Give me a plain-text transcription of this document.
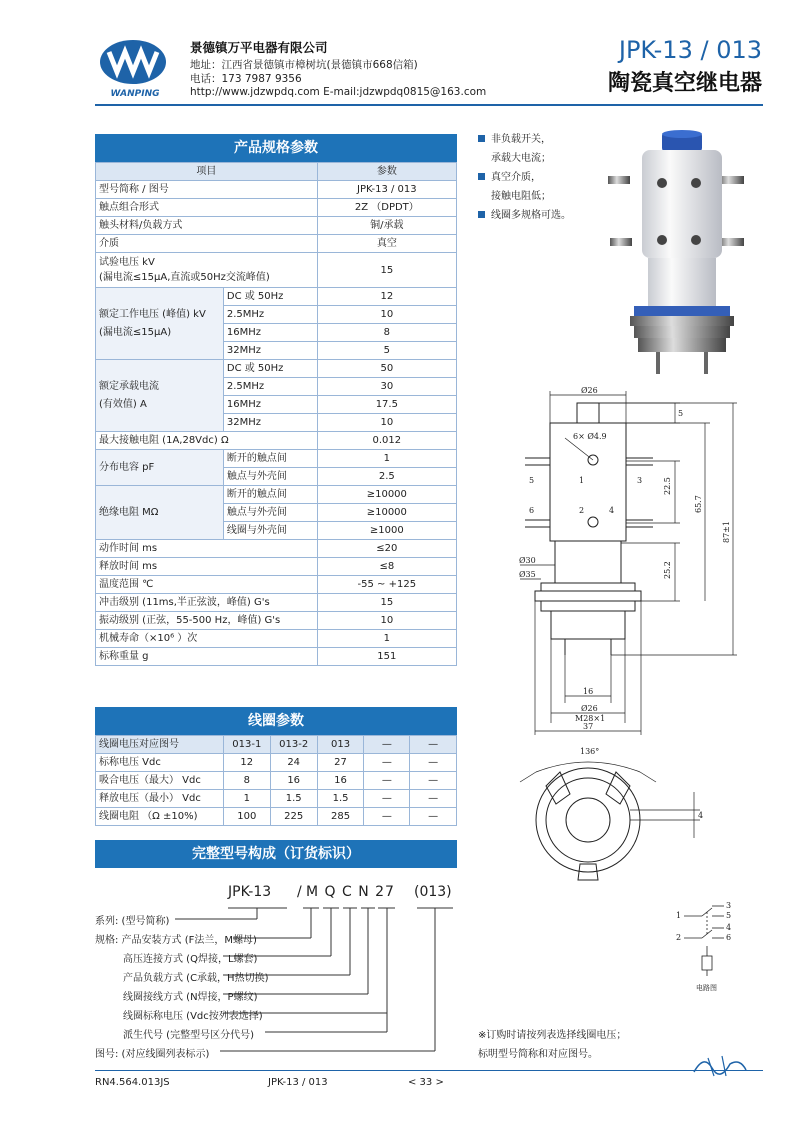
WANPING
景德镇万平电器有限公司
地址：江西省景德镇市樟树坑(景德镇市668信箱)
电话：173 7987 9356
http://www.jdzwpdq.com E-mail:jdzwpdq0815@163.com
JPK-13 / 013
陶瓷真空继电器
产品规格参数
项目		参数
型号简称 / 图号		JPK-13 / 013
触点组合形式		2Z （DPDT）
触头材料/负载方式		铜/承载
介质		真空
试验电压 kV
(漏电流≤15μA,直流或50Hz交流峰值)		15
额定工作电压 (峰值) kV
(漏电流≤15μA)	DC 或 50Hz	12
	2.5MHz	10
	16MHz	8
	32MHz	5
额定承载电流
(有效值) A	DC 或 50Hz	50
	2.5MHz	30
	16MHz	17.5
	32MHz	10
最大接触电阻 (1A,28Vdc) Ω		0.012
分布电容 pF	断开的触点间	1
	触点与外壳间	2.5
绝缘电阻 MΩ	断开的触点间	≥10000
	触点与外壳间	≥10000
	线圈与外壳间	≥1000
动作时间 ms		≤20
释放时间 ms		≤8
温度范围 ℃		-55 ~ +125
冲击级别 (11ms,半正弦波，峰值) G's		15
振动级别 (正弦，55-500 Hz，峰值) G's		10
机械寿命（×10⁶ ）次		1
标称重量 g		151
线圈参数
线圈电压对应图号	013-1	013-2	013	—	—
标称电压 Vdc	12	24	27	—	—
吸合电压（最大） Vdc	8	16	16	—	—
释放电压（最小） Vdc	1	1.5	1.5	—	—
线圈电阻 （Ω ±10%)	100	225	285	—	—
完整型号构成（订货标识）
JPK-13 / M Q C N 27 (013)
系列: (型号简称)
规格: 产品安装方式 (F法兰，M螺母)
高压连接方式 (Q焊接，L螺套)
产品负载方式 (C承载，H热切换)
线圈接线方式 (N焊接，P螺纹)
线圈标称电压 (Vdc按列表选择)
派生代号 (完整型号区分代号)
图号: (对应线圈列表标示)
※订购时请按列表选择线圈电压；
标明型号简称和对应图号。
非负载开关，
承载大电流；
真空介质，
接触电阻低；
线圈多规格可选。
Ø26
5
6× Ø4.9
22.5
65.7
87±1
25.2
Ø30
Ø35
16
Ø26
M28×1
37
1
2
3
4
5
6
136°
4
3
5
1
4
6
2
电路图
RN4.564.013JS	JPK-13 / 013	< 33 >
